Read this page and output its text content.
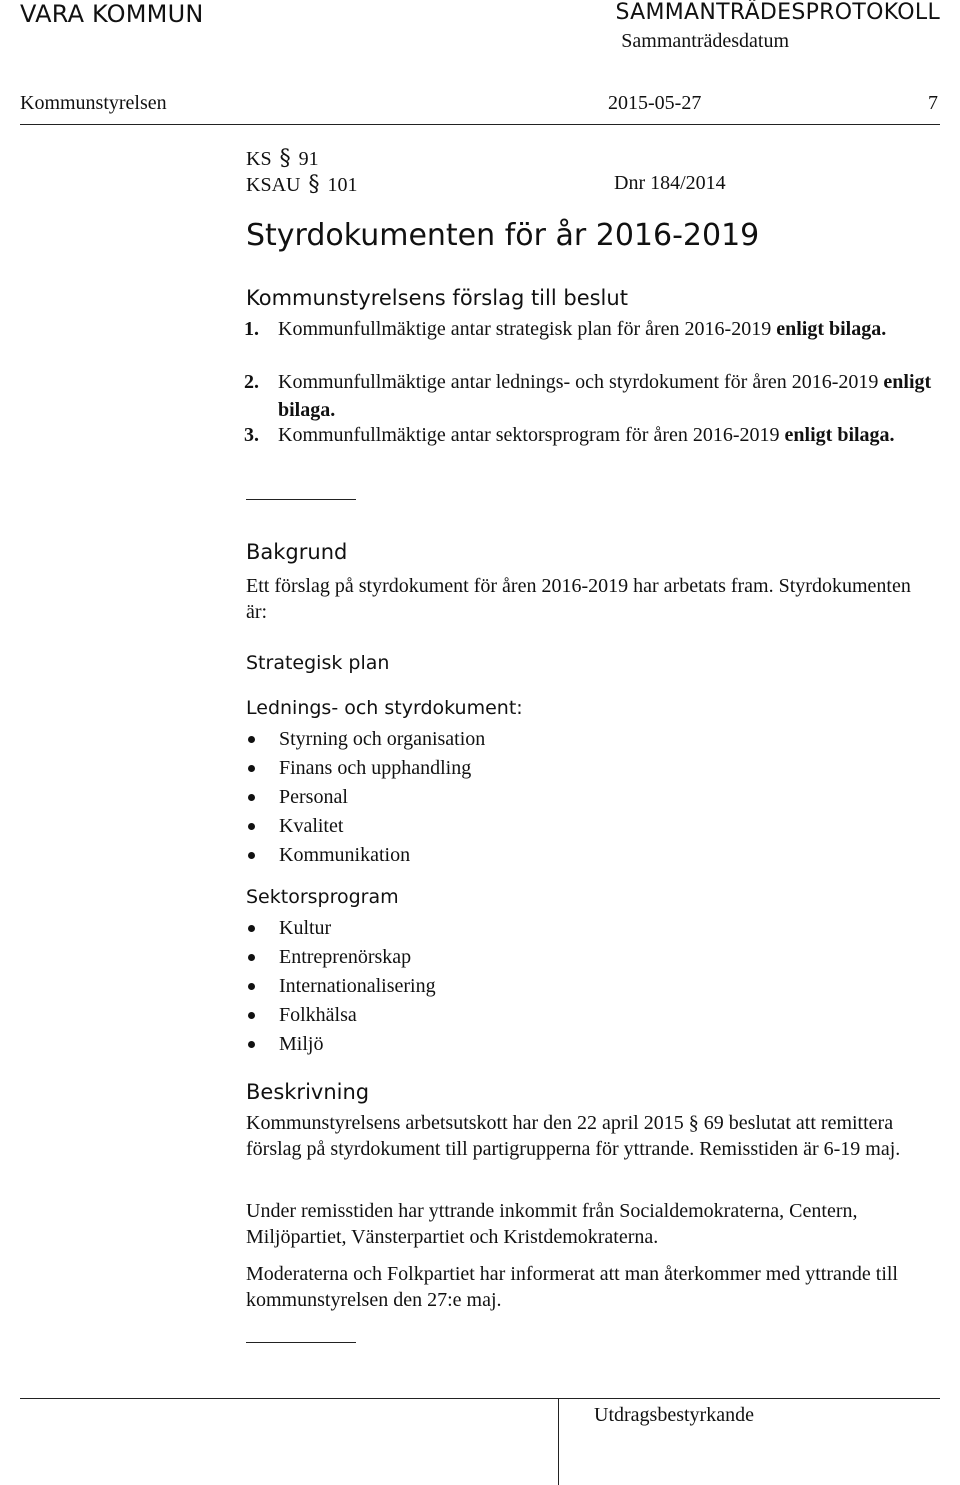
VARA KOMMUN	SAMMANTRÄDESPROTOKOLL
Sammanträdesdatum
Kommunstyrelsen	2015-05-27	7
KS § 91
KSAU § 101	Dnr 184/2014
Styrdokumenten för år 2016-2019
Kommunstyrelsens förslag till beslut
1. Kommunfullmäktige antar strategisk plan för åren 2016-2019 enligt bilaga.
2. Kommunfullmäktige antar lednings- och styrdokument för åren 2016-2019 enligt bilaga.
3. Kommunfullmäktige antar sektorsprogram för åren 2016-2019 enligt bilaga.
Bakgrund
Ett förslag på styrdokument för åren 2016-2019 har arbetats fram. Styrdokumenten är:
Strategisk plan
Lednings- och styrdokument:
Styrning och organisation
Finans och upphandling
Personal
Kvalitet
Kommunikation
Sektorsprogram
Kultur
Entreprenörskap
Internationalisering
Folkhälsa
Miljö
Beskrivning
Kommunstyrelsens arbetsutskott har den 22 april 2015 § 69 beslutat att remittera förslag på styrdokument till partigrupperna för yttrande. Remisstiden är 6-19 maj.
Under remisstiden har yttrande inkommit från Socialdemokraterna, Centern, Miljöpartiet, Vänsterpartiet och Kristdemokraterna.
Moderaterna och Folkpartiet har informerat att man återkommer med yttrande till kommunstyrelsen den 27:e maj.
Utdragsbestyrkande
